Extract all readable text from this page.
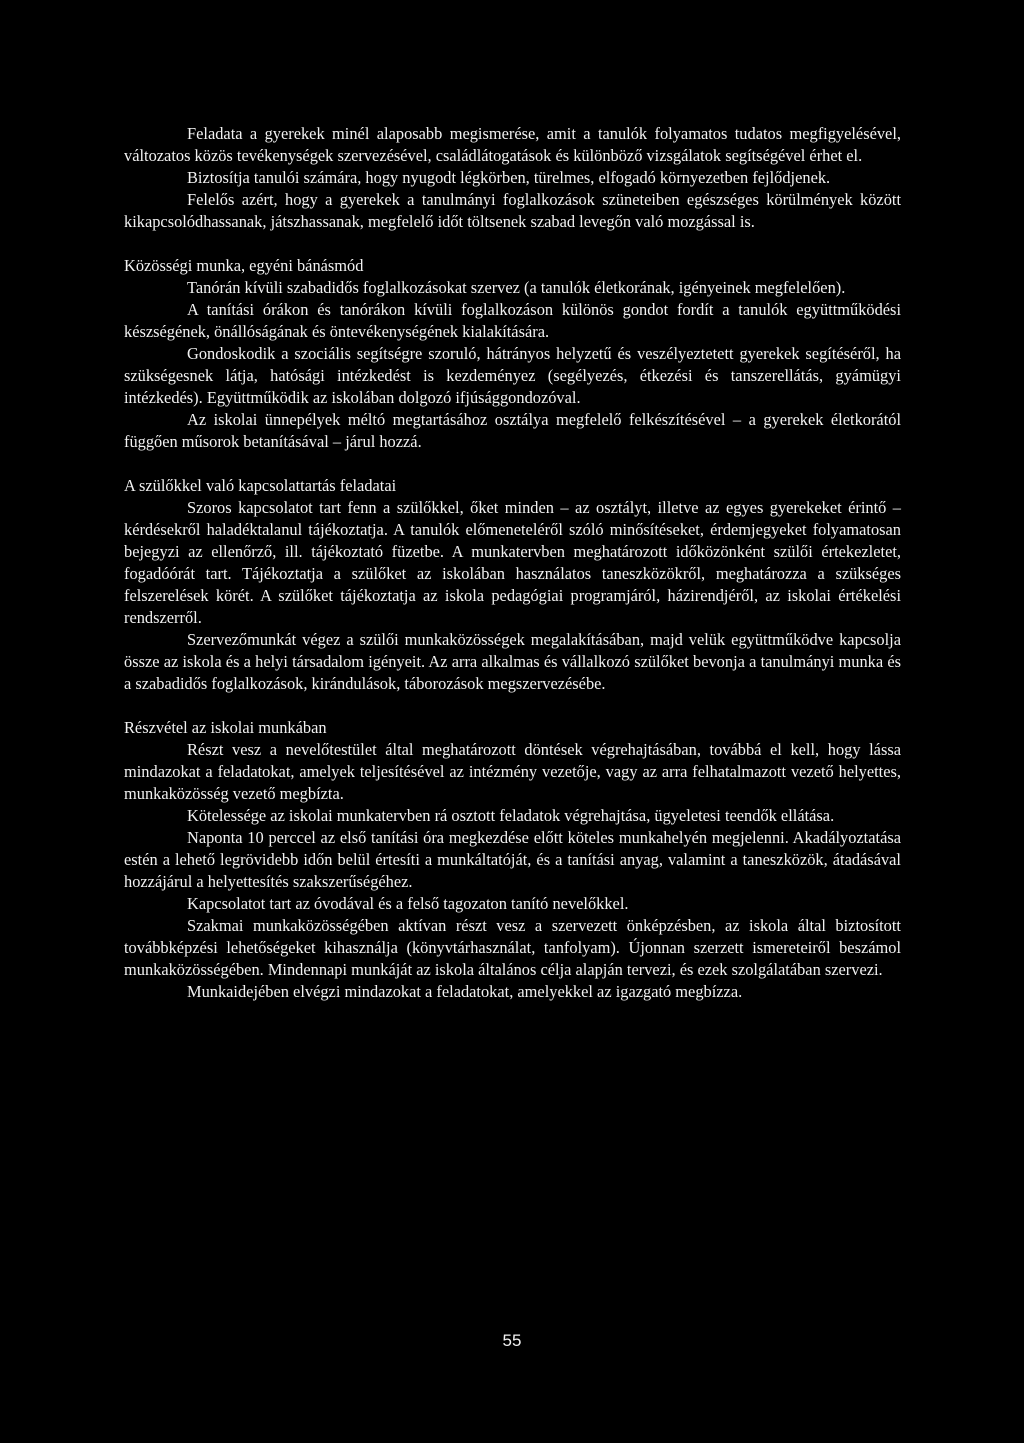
Feladata a gyerekek minél alaposabb megismerése, amit a tanulók folyamatos tudatos megfigyelésével, változatos közös tevékenységek szervezésével, családlátogatások és különböző vizsgálatok segítségével érhet el.

Biztosítja tanulói számára, hogy nyugodt légkörben, türelmes, elfogadó környezetben fejlődjenek.

Felelős azért, hogy a gyerekek a tanulmányi foglalkozások szüneteiben egészséges körülmények között kikapcsolódhassanak, játszhassanak, megfelelő időt töltsenek szabad levegőn való mozgással is.

Közösségi munka, egyéni bánásmód

Tanórán kívüli szabadidős foglalkozásokat szervez (a tanulók életkorának, igényeinek megfelelően).

A tanítási órákon és tanórákon kívüli foglalkozáson különös gondot fordít a tanulók együttműködési készségének, önállóságának és öntevékenységének kialakítására.

Gondoskodik a szociális segítségre szoruló, hátrányos helyzetű és veszélyeztetett gyerekek segítéséről, ha szükségesnek látja, hatósági intézkedést is kezdeményez (segélyezés, étkezési és tanszerellátás, gyámügyi intézkedés). Együttműködik az iskolában dolgozó ifjúsággondozóval.

Az iskolai ünnepélyek méltó megtartásához osztálya megfelelő felkészítésével – a gyerekek életkorától függően műsorok betanításával – járul hozzá.

A szülőkkel való kapcsolattartás feladatai

Szoros kapcsolatot tart fenn a szülőkkel, őket minden – az osztályt, illetve az egyes gyerekeket érintő – kérdésekről haladéktalanul tájékoztatja. A tanulók előmeneteléről szóló minősítéseket, érdemjegyeket folyamatosan bejegyzi az ellenőrző, ill. tájékoztató füzetbe. A munkatervben meghatározott időközönként szülői értekezletet, fogadóórát tart. Tájékoztatja a szülőket az iskolában használatos taneszközökről, meghatározza a szükséges felszerelések körét. A szülőket tájékoztatja az iskola pedagógiai programjáról, házirendjéről, az iskolai értékelési rendszerről.

Szervezőmunkát végez a szülői munkaközösségek megalakításában, majd velük együttműködve kapcsolja össze az iskola és a helyi társadalom igényeit. Az arra alkalmas és vállalkozó szülőket bevonja a tanulmányi munka és a szabadidős foglalkozások, kirándulások, táborozások megszervezésébe.

Részvétel az iskolai munkában

Részt vesz a nevelőtestület által meghatározott döntések végrehajtásában, továbbá el kell, hogy lássa mindazokat a feladatokat, amelyek teljesítésével az intézmény vezetője, vagy az arra felhatalmazott vezető helyettes, munkaközösség vezető megbízta.

Kötelessége az iskolai munkatervben rá osztott feladatok végrehajtása, ügyeletesi teendők ellátása.

Naponta 10 perccel az első tanítási óra megkezdése előtt köteles munkahelyén megjelenni. Akadályoztatása estén a lehető legrövidebb időn belül értesíti a munkáltatóját, és a tanítási anyag, valamint a taneszközök, átadásával hozzájárul a helyettesítés szakszerűségéhez.

Kapcsolatot tart az óvodával és a felső tagozaton tanító nevelőkkel.

Szakmai munkaközösségében aktívan részt vesz a szervezett önképzésben, az iskola által biztosított továbbképzési lehetőségeket kihasználja (könyvtárhasználat, tanfolyam). Újonnan szerzett ismereteiről beszámol munkaközösségében. Mindennapi munkáját az iskola általános célja alapján tervezi, és ezek szolgálatában szervezi.

Munkaidejében elvégzi mindazokat a feladatokat, amelyekkel az igazgató megbízza.

55
